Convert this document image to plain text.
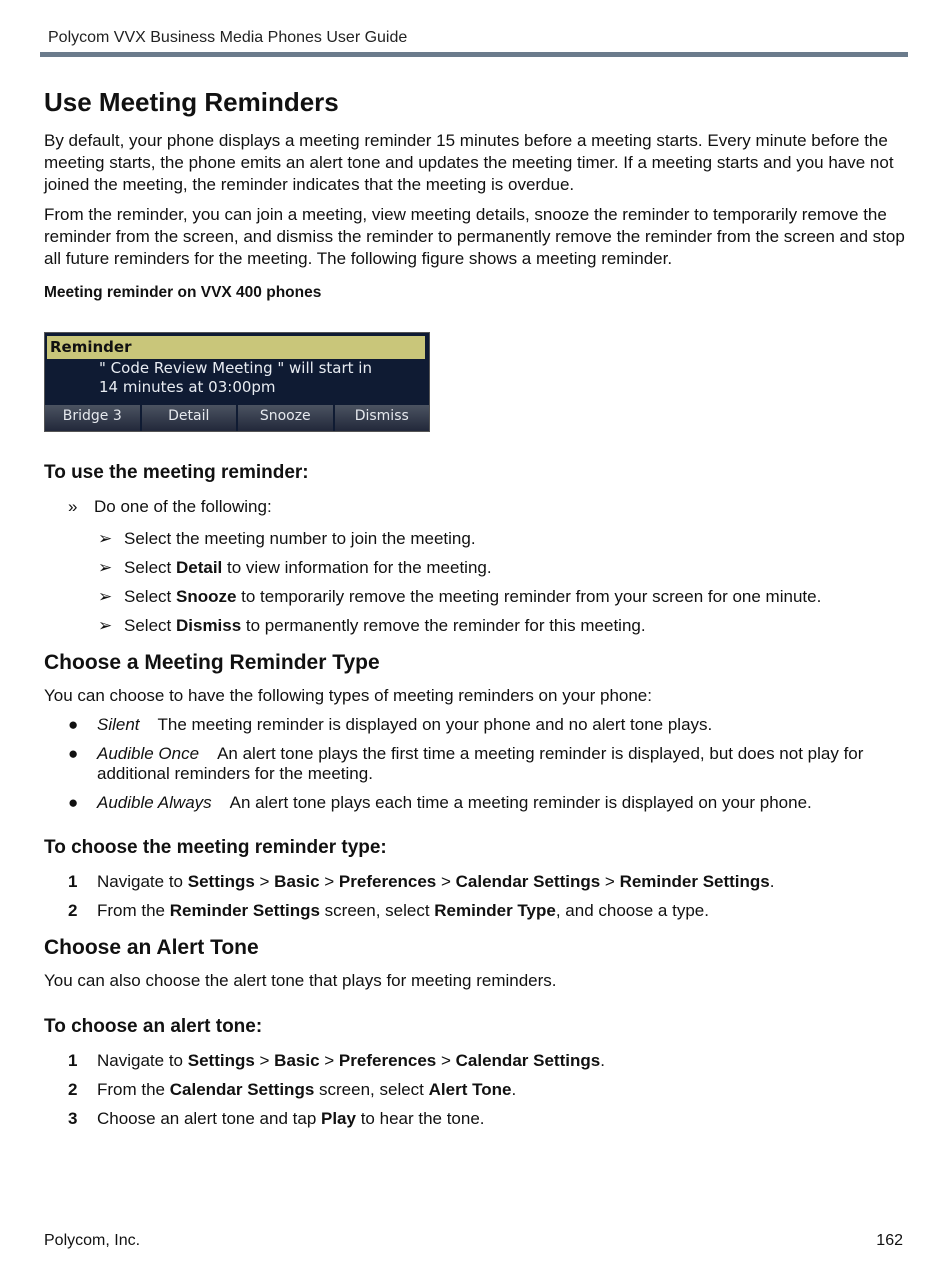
Polycom VVX Business Media Phones User Guide
Use Meeting Reminders

By default, your phone displays a meeting reminder 15 minutes before a meeting starts. Every minute before the meeting starts, the phone emits an alert tone and updates the meeting timer. If a meeting starts and you have not joined the meeting, the reminder indicates that the meeting is overdue.

From the reminder, you can join a meeting, view meeting details, snooze the reminder to temporarily remove the reminder from the screen, and dismiss the reminder to permanently remove the reminder from the screen and stop all future reminders for the meeting. The following figure shows a meeting reminder.

Meeting reminder on VVX 400 phones
Reminder
" Code Review Meeting " will start in
14 minutes at 03:00pm
Bridge 3	Detail	Snooze	Dismiss
To use the meeting reminder:
» Do one of the following:
➢ Select the meeting number to join the meeting.
➢ Select Detail to view information for the meeting.
➢ Select Snooze to temporarily remove the meeting reminder from your screen for one minute.
➢ Select Dismiss to permanently remove the reminder for this meeting.
Choose a Meeting Reminder Type

You can choose to have the following types of meeting reminders on your phone:

●	Silent The meeting reminder is displayed on your phone and no alert tone plays.
●	Audible Once An alert tone plays the first time a meeting reminder is displayed, but does not play for additional reminders for the meeting.
●	Audible Always An alert tone plays each time a meeting reminder is displayed on your phone.
To choose the meeting reminder type:
1	Navigate to Settings > Basic > Preferences > Calendar Settings > Reminder Settings.
2	From the Reminder Settings screen, select Reminder Type, and choose a type.
Choose an Alert Tone

You can also choose the alert tone that plays for meeting reminders.

To choose an alert tone:
1	Navigate to Settings > Basic > Preferences > Calendar Settings.
2	From the Calendar Settings screen, select Alert Tone.
3	Choose an alert tone and tap Play to hear the tone.
Polycom, Inc.	162
